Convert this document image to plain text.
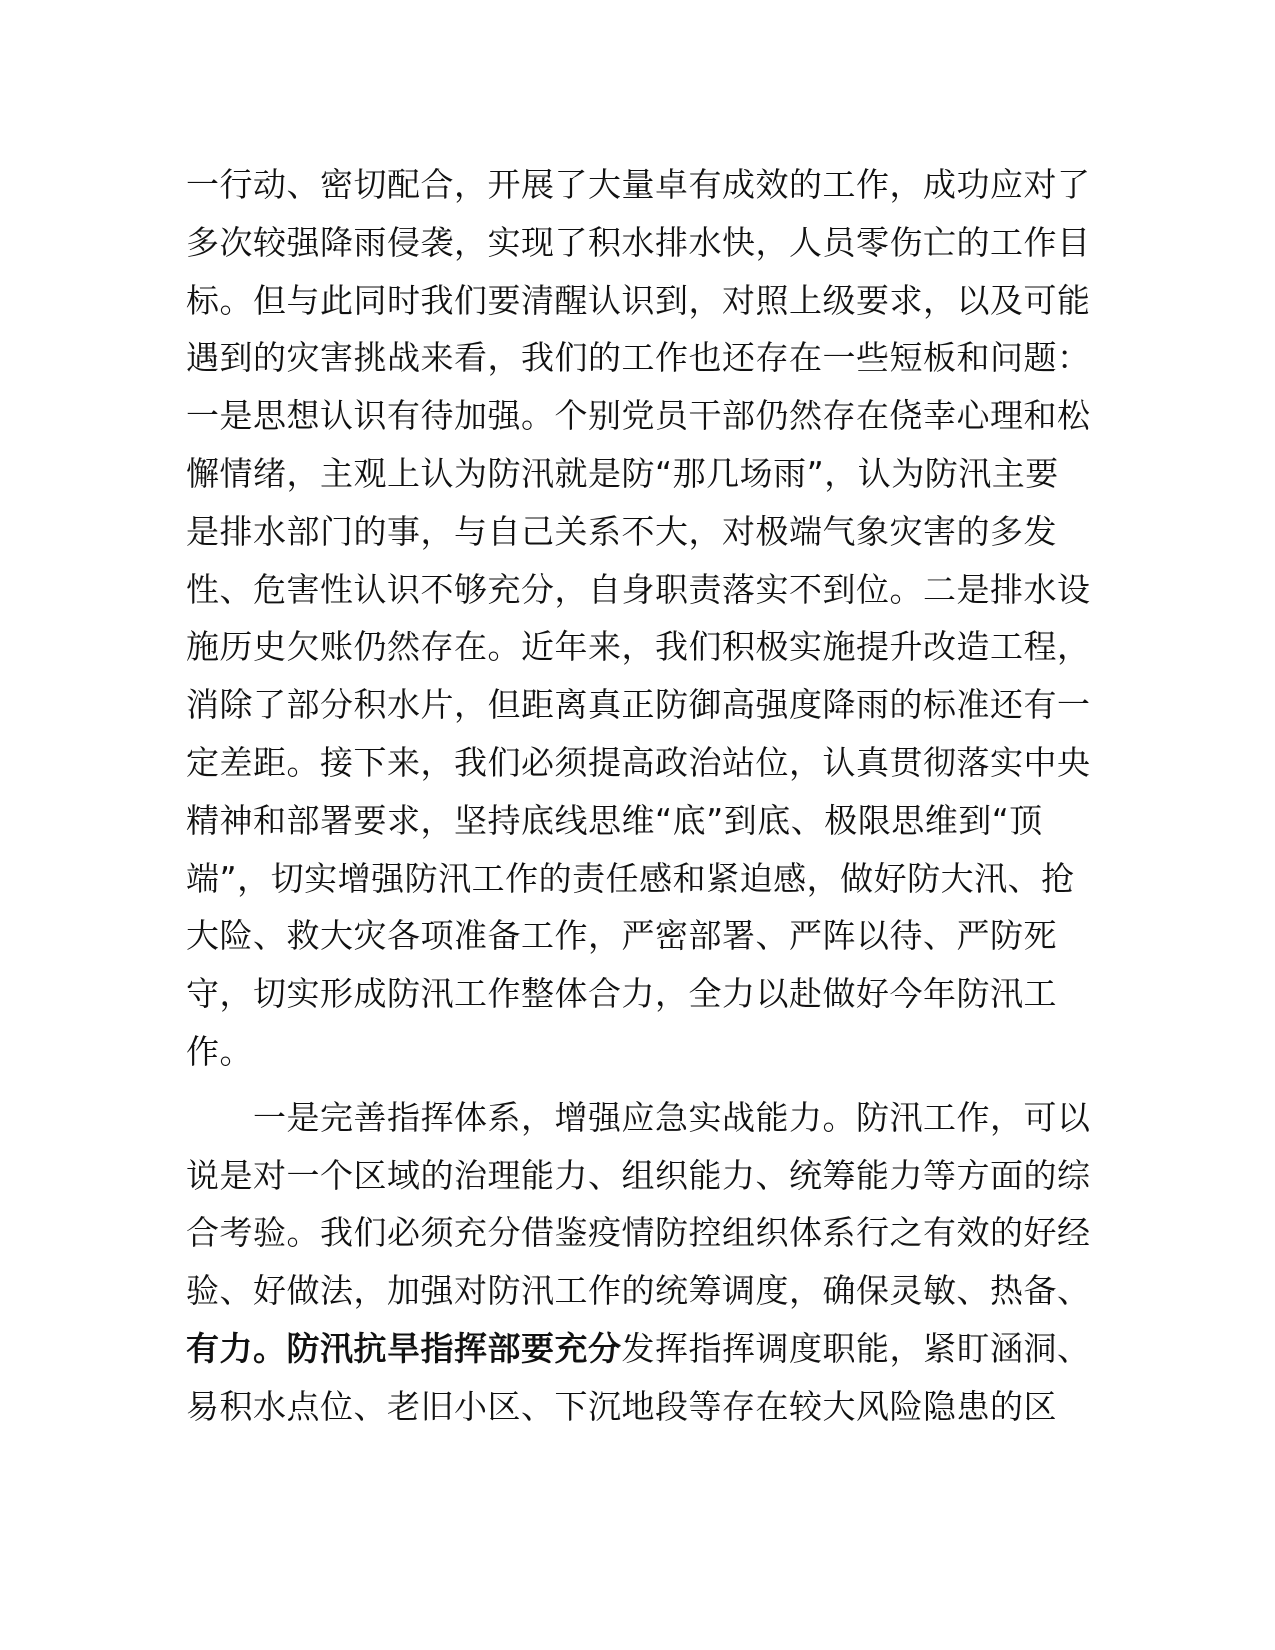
一行动、密切配合，开展了大量卓有成效的工作，成功应对了
多次较强降雨侵袭，实现了积水排水快，人员零伤亡的工作目
标。但与此同时我们要清醒认识到，对照上级要求，以及可能
遇到的灾害挑战来看，我们的工作也还存在一些短板和问题：
一是思想认识有待加强。个别党员干部仍然存在侥幸心理和松
懈情绪，主观上认为防汛就是防“那几场雨”，认为防汛主要
是排水部门的事，与自己关系不大，对极端气象灾害的多发
性、危害性认识不够充分，自身职责落实不到位。二是排水设
施历史欠账仍然存在。近年来，我们积极实施提升改造工程，
消除了部分积水片，但距离真正防御高强度降雨的标准还有一
定差距。接下来，我们必须提高政治站位，认真贯彻落实中央
精神和部署要求，坚持底线思维“底”到底、极限思维到“顶
端”，切实增强防汛工作的责任感和紧迫感，做好防大汛、抢
大险、救大灾各项准备工作，严密部署、严阵以待、严防死
守，切实形成防汛工作整体合力，全力以赴做好今年防汛工
作。
　　一是完善指挥体系，增强应急实战能力。防汛工作，可以
说是对一个区域的治理能力、组织能力、统筹能力等方面的综
合考验。我们必须充分借鉴疫情防控组织体系行之有效的好经
验、好做法，加强对防汛工作的统筹调度，确保灵敏、热备、
有力。防汛抗旱指挥部要充分发挥指挥调度职能，紧盯涵洞、
易积水点位、老旧小区、下沉地段等存在较大风险隐患的区
